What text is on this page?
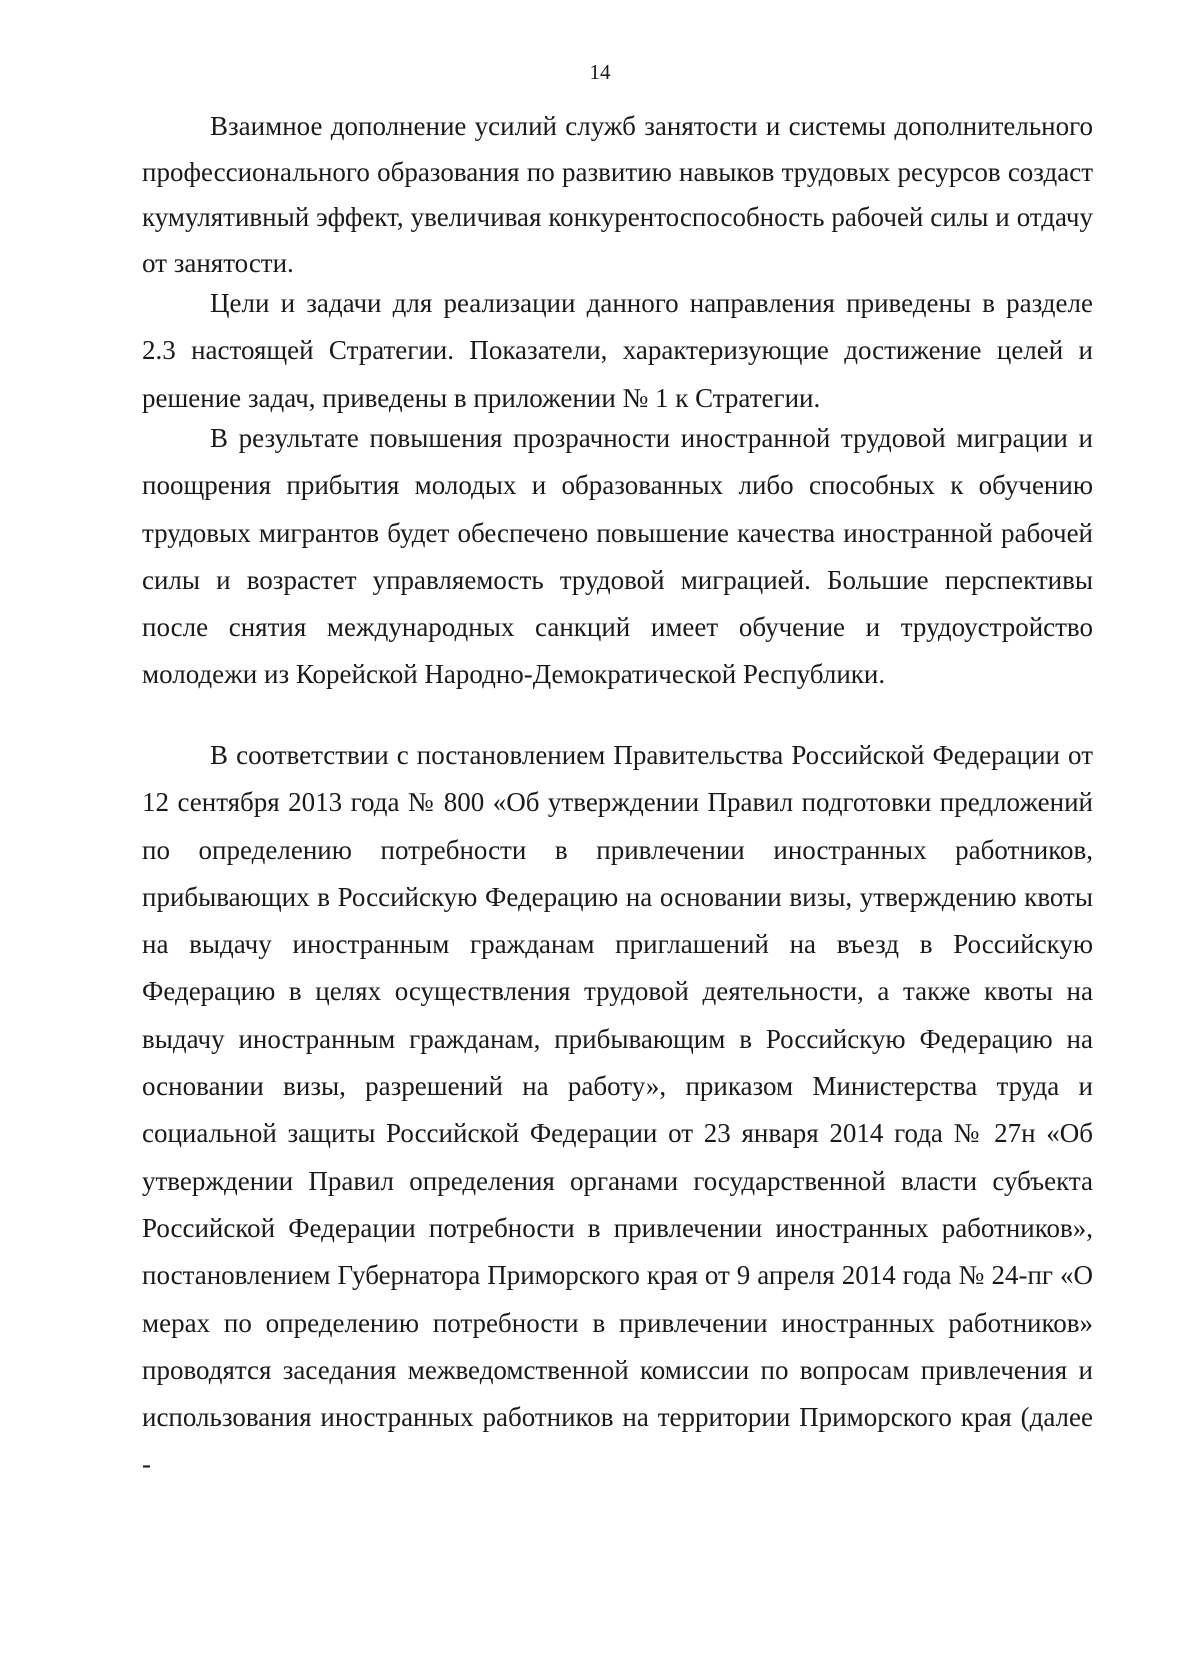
14

Взаимное дополнение усилий служб занятости и системы дополнительного профессионального образования по развитию навыков трудовых ресурсов создаст кумулятивный эффект, увеличивая конкурентоспособность рабочей силы и отдачу от занятости.

Цели и задачи для реализации данного направления приведены в разделе 2.3 настоящей Стратегии. Показатели, характеризующие достижение целей и решение задач, приведены в приложении № 1 к Стратегии.

В результате повышения прозрачности иностранной трудовой миграции и поощрения прибытия молодых и образованных либо способных к обучению трудовых мигрантов будет обеспечено повышение качества иностранной рабочей силы и возрастет управляемость трудовой миграцией. Большие перспективы после снятия международных санкций имеет обучение и трудоустройство молодежи из Корейской Народно-Демократической Республики.

В соответствии с постановлением Правительства Российской Федерации от 12 сентября 2013 года № 800 «Об утверждении Правил подготовки предложений по определению потребности в привлечении иностранных работников, прибывающих в Российскую Федерацию на основании визы, утверждению квоты на выдачу иностранным гражданам приглашений на въезд в Российскую Федерацию в целях осуществления трудовой деятельности, а также квоты на выдачу иностранным гражданам, прибывающим в Российскую Федерацию на основании визы, разрешений на работу», приказом Министерства труда и социальной защиты Российской Федерации от 23 января 2014 года № 27н «Об утверждении Правил определения органами государственной власти субъекта Российской Федерации потребности в привлечении иностранных работников», постановлением Губернатора Приморского края от 9 апреля 2014 года № 24-пг «О мерах по определению потребности в привлечении иностранных работников» проводятся заседания межведомственной комиссии по вопросам привлечения и использования иностранных работников на территории Приморского края (далее -
